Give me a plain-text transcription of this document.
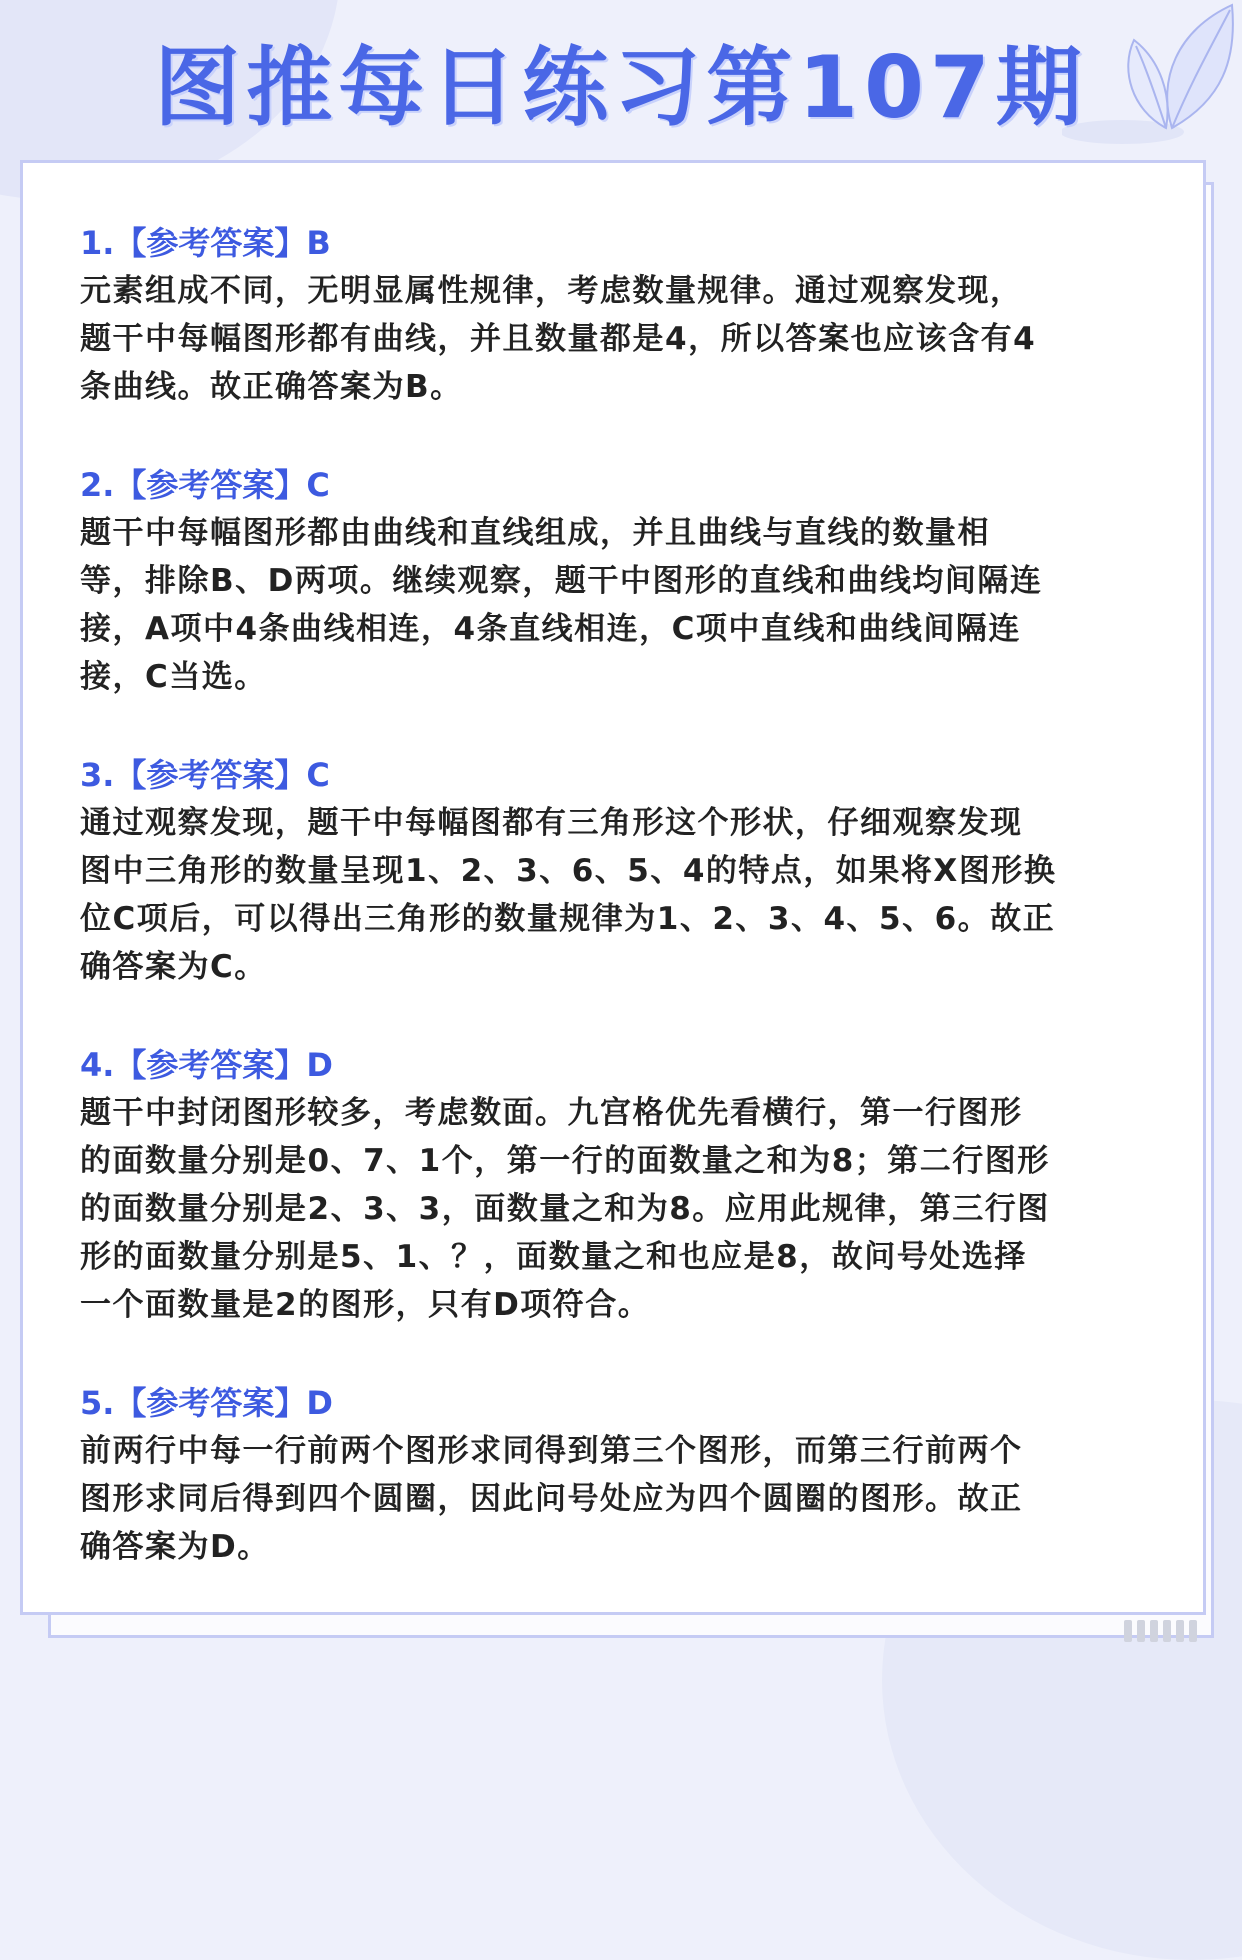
图推每日练习第107期
1.【参考答案】B
元素组成不同，无明显属性规律，考虑数量规律。通过观察发现，
题干中每幅图形都有曲线，并且数量都是4，所以答案也应该含有4
条曲线。故正确答案为B。
2.【参考答案】C
题干中每幅图形都由曲线和直线组成，并且曲线与直线的数量相
等，排除B、D两项。继续观察，题干中图形的直线和曲线均间隔连
接，A项中4条曲线相连，4条直线相连，C项中直线和曲线间隔连
接，C当选。
3.【参考答案】C
通过观察发现，题干中每幅图都有三角形这个形状，仔细观察发现
图中三角形的数量呈现1、2、3、6、5、4的特点，如果将X图形换
位C项后，可以得出三角形的数量规律为1、2、3、4、5、6。故正
确答案为C。
4.【参考答案】D
题干中封闭图形较多，考虑数面。九宫格优先看横行，第一行图形
的面数量分别是0、7、1个，第一行的面数量之和为8；第二行图形
的面数量分别是2、3、3，面数量之和为8。应用此规律，第三行图
形的面数量分别是5、1、？，面数量之和也应是8，故问号处选择
一个面数量是2的图形，只有D项符合。
5.【参考答案】D
前两行中每一行前两个图形求同得到第三个图形，而第三行前两个
图形求同后得到四个圆圈，因此问号处应为四个圆圈的图形。故正
确答案为D。
